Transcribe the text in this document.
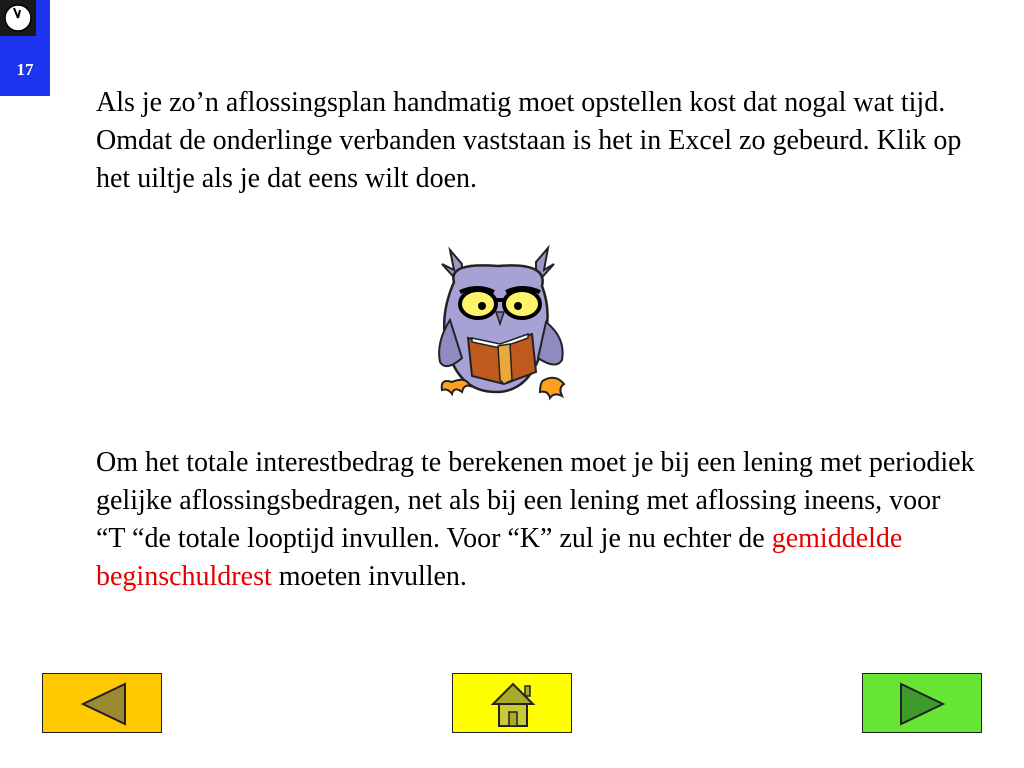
17

Als je zo’n aflossingsplan handmatig moet opstellen kost dat nogal wat tijd. Omdat de onderlinge verbanden vaststaan is het in Excel zo gebeurd. Klik op het uiltje als je dat eens wilt doen.

Om het totale interestbedrag te berekenen moet je bij een lening met periodiek gelijke aflossingsbedragen, net als bij een lening met aflossing ineens, voor “T “de totale looptijd invullen. Voor “K” zul je nu echter de gemiddelde beginschuldrest moeten invullen.
